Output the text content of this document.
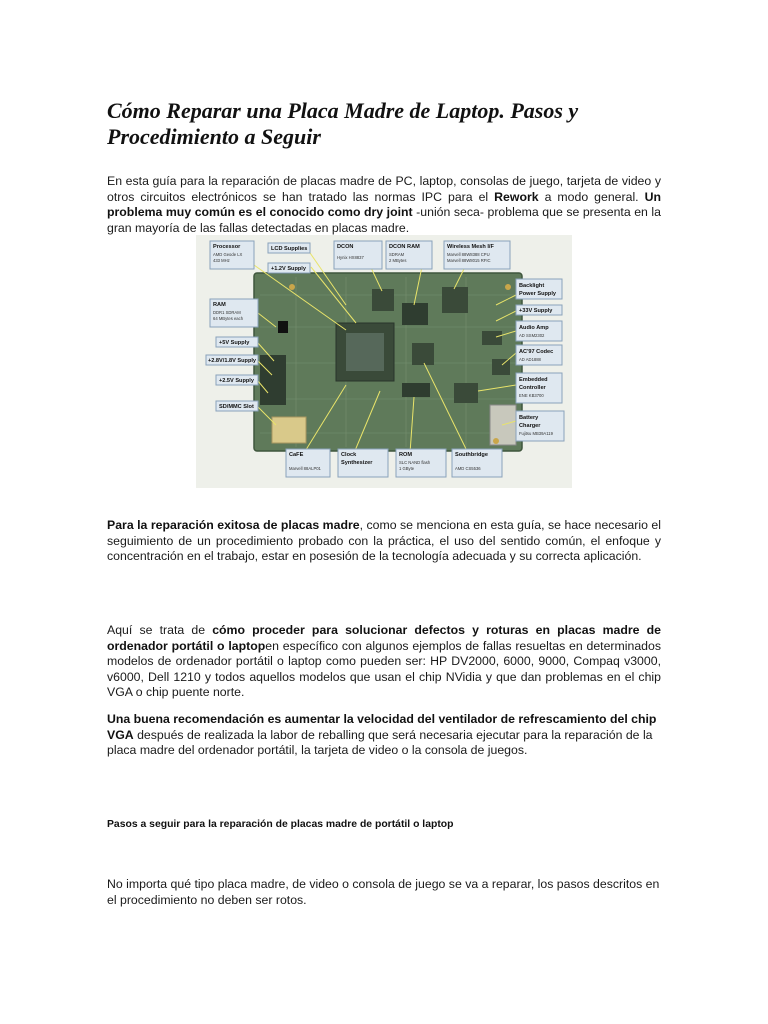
Cómo Reparar una Placa Madre de Laptop. Pasos y Procedimiento a Seguir
En esta guía para la reparación de placas madre de PC, laptop, consolas de juego, tarjeta de video y otros circuitos electrónicos se han tratado las normas IPC para el Rework a modo general. Un problema muy común es el conocido como dry joint -unión seca- problema que se presenta en la gran mayoría de las fallas detectadas en placas madre.
Processor
AMD Geode LX
433 MHz
LCD Supplies
+1.2V Supply
DCON
Hynix HX8837
DCON RAM
SDRAM
2 MBytes
Wireless Mesh I/F
Marvell 88W8388 CPU
Marvell 88W8015 RFIC
Backlight
Power Supply
+33V Supply
Audio Amp
AD SSM2302
AC'97 Codec
AD AD1888
Embedded
Controller
ENE KB3700
Battery
Charger
Fujitsu MB39A119
RAM
DDR1 SDRAM
64 MBytes each
+5V Supply
+2.8V/1.8V Supply
+2.5V Supply
SD/MMC Slot
CaFE
Marvell 88ALP01
Clock
Synthesizer
ROM
SLC NAND flash
1 GByte
Southbridge
AMD CS5536
Para la reparación exitosa de placas madre, como se menciona en esta guía, se hace necesario el seguimiento de un procedimiento probado con la práctica, el uso del sentido común, el enfoque y concentración en el trabajo, estar en posesión de la tecnología adecuada y su correcta aplicación.
Aquí se trata de cómo proceder para solucionar defectos y roturas en placas madre de ordenador portátil o laptopen específico con algunos ejemplos de fallas resueltas en determinados modelos de ordenador portátil o laptop como pueden ser: HP DV2000, 6000, 9000, Compaq v3000, v6000, Dell 1210 y todos aquellos modelos que usan el chip NVidia y que dan problemas en el chip VGA o chip puente norte.
Una buena recomendación es aumentar la velocidad del ventilador de refrescamiento del chip VGA después de realizada la labor de reballing que será necesaria ejecutar para la reparación de la placa madre del ordenador portátil, la tarjeta de video o la consola de juegos.
Pasos a seguir para la reparación de placas madre de portátil o laptop
No importa qué tipo placa madre, de video o consola de juego se va a reparar, los pasos descritos en el procedimiento no deben ser rotos.
